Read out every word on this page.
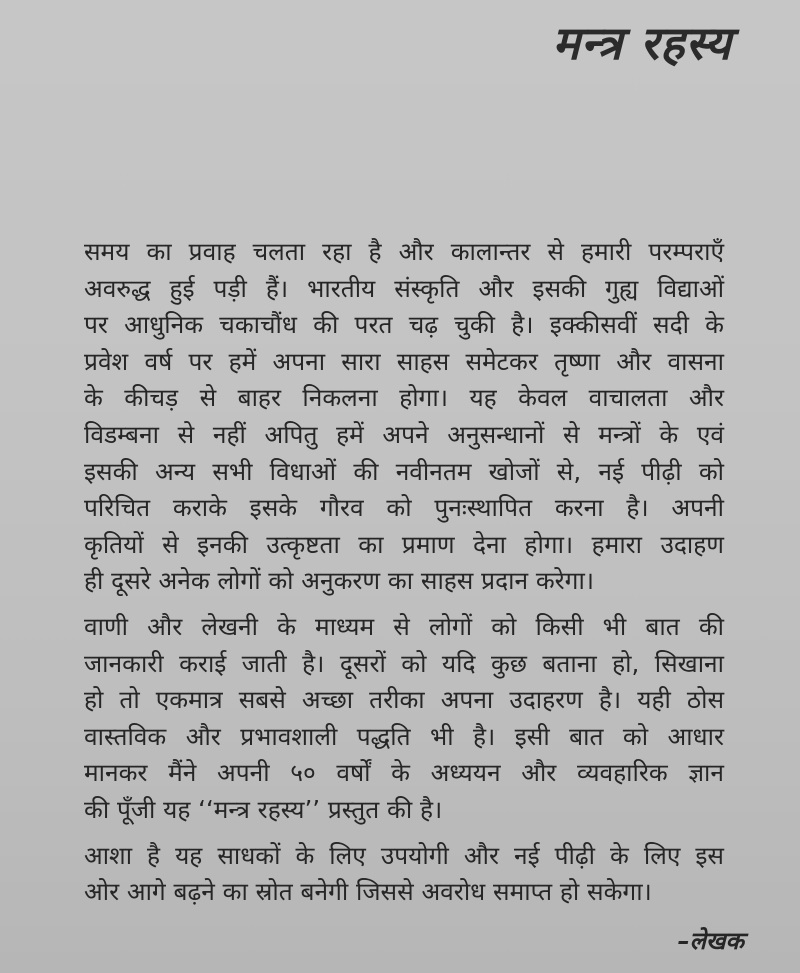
मन्त्र रहस्य

समय का प्रवाह चलता रहा है और कालान्तर से हमारी परम्पराएँ
अवरुद्ध हुई पड़ी हैं। भारतीय संस्कृति और इसकी गुह्य विद्याओं
पर आधुनिक चकाचौंध की परत चढ़ चुकी है। इक्कीसवीं सदी के
प्रवेश वर्ष पर हमें अपना सारा साहस समेटकर तृष्णा और वासना
के कीचड़ से बाहर निकलना होगा। यह केवल वाचालता और
विडम्बना से नहीं अपितु हमें अपने अनुसन्धानों से मन्त्रों के एवं
इसकी अन्य सभी विधाओं की नवीनतम खोजों से, नई पीढ़ी को
परिचित कराके इसके गौरव को पुनःस्थापित करना है। अपनी
कृतियों से इनकी उत्कृष्टता का प्रमाण देना होगा। हमारा उदाहण
ही दूसरे अनेक लोगों को अनुकरण का साहस प्रदान करेगा।

वाणी और लेखनी के माध्यम से लोगों को किसी भी बात की
जानकारी कराई जाती है। दूसरों को यदि कुछ बताना हो, सिखाना
हो तो एकमात्र सबसे अच्छा तरीका अपना उदाहरण है। यही ठोस
वास्तविक और प्रभावशाली पद्धति भी है। इसी बात को आधार
मानकर मैंने अपनी ५० वर्षों के अध्ययन और व्यवहारिक ज्ञान
की पूँजी यह ‘‘मन्त्र रहस्य’’ प्रस्तुत की है।

आशा है यह साधकों के लिए उपयोगी और नई पीढ़ी के लिए इस
ओर आगे बढ़ने का स्रोत बनेगी जिससे अवरोध समाप्त हो सकेगा।

–लेखक
